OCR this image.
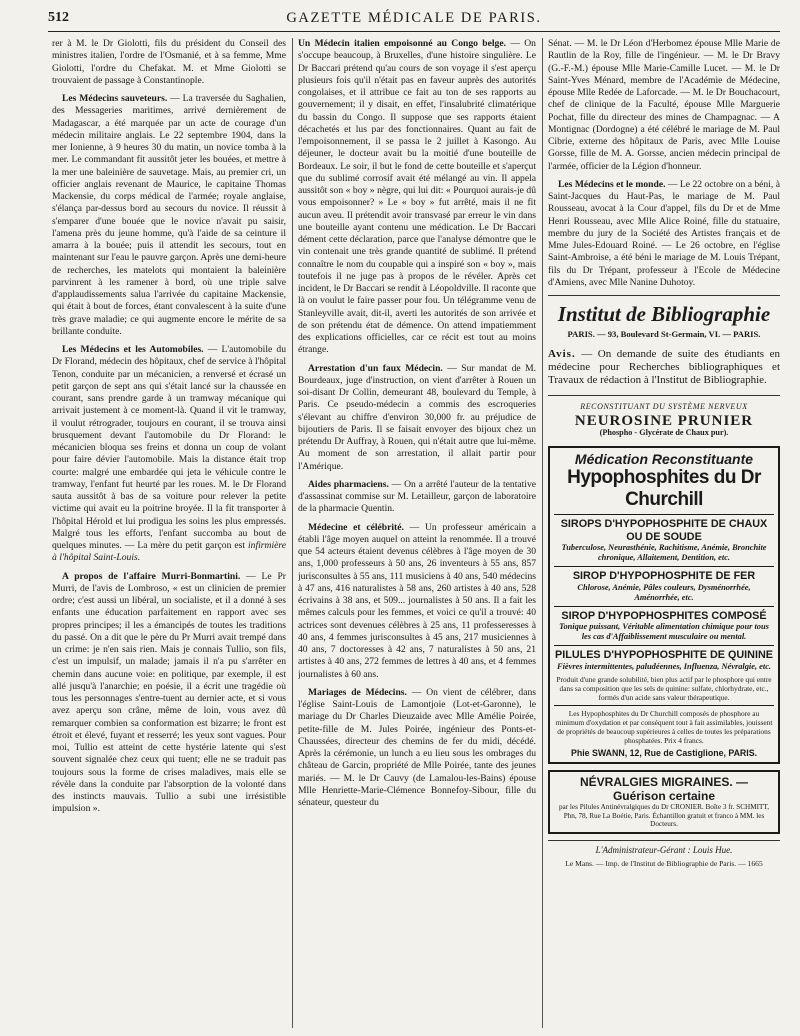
512	GAZETTE MÉDICALE DE PARIS.

rer à M. le Dr Giolotti, fils du président du Conseil des ministres italien, l'ordre de l'Osmanié, et à sa femme, Mme Giolotti, l'ordre du Chefakat. M. et Mme Giolotti se trouvaient de passage à Constantinople.

Les Médecins sauveteurs. — La traversée du Saghalien, des Messageries maritimes, arrivé dernièrement de Madagascar, a été marquée par un acte de courage d'un médecin militaire anglais. Le 22 septembre 1904, dans la mer Ionienne, à 9 heures 30 du matin, un novice tomba à la mer. Le commandant fit aussitôt jeter les bouées, et mettre à la mer une baleinière de sauvetage. Mais, au premier cri, un officier anglais revenant de Maurice, le capitaine Thomas Mackensie, du corps médical de l'armée; royale anglaise, s'élança par-dessus bord au secours du novice. Il réussit à s'emparer d'une bouée que le novice n'avait pu saisir, l'amena près du jeune homme, qu'à l'aide de sa ceinture il amarra à la bouée; puis il attendit les secours, tout en maintenant sur l'eau le pauvre garçon. Après une demi-heure de recherches, les matelots qui montaient la baleinière parvinrent à les ramener à bord, où une triple salve d'applaudissements salua l'arrivée du capitaine Mackensie, qui était à bout de forces, étant convalescent à la suite d'une très grave maladie; ce qui augmente encore le mérite de sa brillante conduite.

Les Médecins et les Automobiles. — L'automobile du Dr Florand, médecin des hôpitaux, chef de service à l'hôpital Tenon, conduite par un mécanicien, a renversé et écrasé un petit garçon de sept ans qui s'était lancé sur la chaussée en courant, sans prendre garde à un tramway mécanique qui arrivait justement à ce moment-là. Quand il vit le tramway, il voulut rétrograder, toujours en courant, il se trouva ainsi brusquement devant l'automobile du Dr Florand: le mécanicien bloqua ses freins et donna un coup de volant pour faire dévier l'automobile. Mais la distance était trop courte: malgré une embardée qui jeta le véhicule contre le tramway, l'enfant fut heurté par les roues. M. le Dr Florand sauta aussitôt à bas de sa voiture pour relever la petite victime qui avait eu la poitrine broyée. Il la fit transporter à l'hôpital Hérold et lui prodigua les soins les plus empressés. Malgré tous les efforts, l'enfant succomba au bout de quelques minutes. — La mère du petit garçon est infirmière à l'hôpital Saint-Louis.

A propos de l'affaire Murri-Bonmartini. — Le Pr Murri, de l'avis de Lombroso, « est un clinicien de premier ordre; c'est aussi un libéral, un socialiste, et il a donné à ses enfants une éducation parfaitement en rapport avec ses propres principes; il les a émancipés de toutes les traditions du passé. On a dit que le père du Pr Murri avait trempé dans un crime: je n'en sais rien. Mais je connais Tullio, son fils, c'est un impulsif, un malade; jamais il n'a pu s'arrêter en chemin dans aucune voie: en politique, par exemple, il est allé jusqu'à l'anarchie; en poésie, il a écrit une tragédie où tous les personnages s'entre-tuent au dernier acte, et si vous avez aperçu son crâne, même de loin, vous avez dû remarquer combien sa conformation est bizarre; le front est étroit et élevé, fuyant et resserré; les yeux sont vagues. Pour moi, Tullio est atteint de cette hystérie latente qui s'est souvent signalée chez ceux qui tuent; elle ne se traduit pas toujours sous la forme de crises maladives, mais elle se révèle dans la conduite par l'absorption de la volonté dans des instincts mauvais. Tullio a subi une irrésistible impulsion ».

Un Médecin italien empoisonné au Congo belge. — On s'occupe beaucoup, à Bruxelles, d'une histoire singulière. Le Dr Baccari prétend qu'au cours de son voyage il s'est aperçu plusieurs fois qu'il n'était pas en faveur auprès des autorités congolaises, et il attribue ce fait au ton de ses rapports au gouvernement; il y disait, en effet, l'insalubrité climatérique du bassin du Congo. Il suppose que ses rapports étaient décachetés et lus par des fonctionnaires. Quant au fait de l'empoisonnement, il se passa le 2 juillet à Kasongo. Au déjeuner, le docteur avait bu la moitié d'une bouteille de Bordeaux. Le soir, il but le fond de cette bouteille et s'aperçut que du sublimé corrosif avait été mélangé au vin. Il appela aussitôt son « boy » nègre, qui lui dit: « Pourquoi aurais-je dû vous empoisonner? » Le « boy » fut arrêté, mais il ne fit aucun aveu. Il prétendit avoir transvasé par erreur le vin dans une bouteille ayant contenu une médication. Le Dr Baccari dément cette déclaration, parce que l'analyse démontre que le vin contenait une très grande quantité de sublimé. Il prétend connaître le nom du coupable qui a inspiré son « boy », mais toutefois il ne juge pas à propos de le révéler. Après cet incident, le Dr Baccari se rendit à Léopoldville. Il raconte que là on voulut le faire passer pour fou. Un télégramme venu de Stanleyville avait, dit-il, averti les autorités de son arrivée et de son prétendu état de démence. On attend impatiemment des explications officielles, car ce récit est tout au moins étrange.

Arrestation d'un faux Médecin. — Sur mandat de M. Bourdeaux, juge d'instruction, on vient d'arrêter à Rouen un soi-disant Dr Collin, demeurant 48, boulevard du Temple, à Paris. Ce pseudo-médecin a commis des escroqueries s'élevant au chiffre d'environ 30,000 fr. au préjudice de bijoutiers de Paris. Il se faisait envoyer des bijoux chez un prétendu Dr Auffray, à Rouen, qui n'était autre que lui-même. Au moment de son arrestation, il allait partir pour l'Amérique.

Aides pharmaciens. — On a arrêté l'auteur de la tentative d'assassinat commise sur M. Letailleur, garçon de laboratoire de la pharmacie Quentin.

Médecine et célébrité. — Un professeur américain a établi l'âge moyen auquel on atteint la renommée. Il a trouvé que 54 acteurs étaient devenus célèbres à l'âge moyen de 30 ans, 1,000 professeurs à 50 ans, 26 inventeurs à 55 ans, 857 jurisconsultes à 55 ans, 111 musiciens à 40 ans, 540 médecins à 47 ans, 416 naturalistes à 58 ans, 260 artistes à 40 ans, 528 écrivains à 38 ans, et 509... journalistes à 50 ans. Il a fait les mêmes calculs pour les femmes, et voici ce qu'il a trouvé: 40 actrices sont devenues célèbres à 25 ans, 11 professeresses à 40 ans, 4 femmes jurisconsultes à 45 ans, 217 musiciennes à 40 ans, 7 doctoresses à 42 ans, 7 naturalistes à 50 ans, 21 artistes à 40 ans, 272 femmes de lettres à 40 ans, et 4 femmes journalistes à 60 ans.

Mariages de Médecins. — On vient de célébrer, dans l'église Saint-Louis de Lamontjoie (Lot-et-Garonne), le mariage du Dr Charles Dieuzaide avec Mlle Amélie Poirée, petite-fille de M. Jules Poirée, ingénieur des Ponts-et-Chaussées, directeur des chemins de fer du midi, décédé. Après la cérémonie, un lunch a eu lieu sous les ombrages du château de Garcin, propriété de Mlle Poirée, tante des jeunes mariés. — M. le Dr Cauvy (de Lamalou-les-Bains) épouse Mlle Henriette-Marie-Clémence Bonnefoy-Sibour, fille du sénateur, questeur du

Sénat. — M. le Dr Léon d'Herbomez épouse Mlle Marie de Rautlin de la Roy, fille de l'ingénieur. — M. le Dr Bravy (G.-F.-M.) épouse Mlle Marie-Camille Lucet. — M. le Dr Saint-Yves Ménard, membre de l'Académie de Médecine, épouse Mlle Redée de Laforcade. — M. le Dr Bouchacourt, chef de clinique de la Faculté, épouse Mlle Marguerie Pochat, fille du directeur des mines de Champagnac. — A Montignac (Dordogne) a été célébré le mariage de M. Paul Cibrie, externe des hôpitaux de Paris, avec Mlle Louise Gorsse, fille de M. A. Gorsse, ancien médecin principal de l'armée, officier de la Légion d'honneur.

Les Médecins et le monde. — Le 22 octobre on a béni, à Saint-Jacques du Haut-Pas, le mariage de M. Paul Rousseau, avocat à la Cour d'appel, fils du Dr et de Mme Henri Rousseau, avec Mlle Alice Roiné, fille du statuaire, membre du jury de la Société des Artistes français et de Mme Jules-Edouard Roiné. — Le 26 octobre, en l'église Saint-Ambroise, a été béni le mariage de M. Louis Trépant, fils du Dr Trépant, professeur à l'Ecole de Médecine d'Amiens, avec Mlle Nanine Duhotoy.

Institut de Bibliographie
PARIS. — 93, Boulevard St-Germain, VI. — PARIS.
Avis. — On demande de suite des étudiants en médecine pour Recherches bibliographiques et Travaux de rédaction à l'Institut de Bibliographie.
RECONSTITUANT DU SYSTÈME NERVEUX
NEUROSINE PRUNIER
(Phospho - Glycérate de Chaux pur).
Médication Reconstituante
Hypophosphites du Dr Churchill
SIROPS D'HYPOPHOSPHITE DE CHAUX OU DE SOUDE
Tuberculose, Neurasthénie, Rachitisme, Anémie, Bronchite chronique, Allaitement, Dentition, etc.
SIROP D'HYPOPHOSPHITE DE FER
Chlorose, Anémie, Pâles couleurs, Dysménorrhée, Aménorrhée, etc.
SIROP D'HYPOPHOSPHITES COMPOSÉ
Tonique puissant, Véritable alimentation chimique pour tous les cas d'Affaiblissement musculaire ou mental.
PILULES D'HYPOPHOSPHITE DE QUININE
Fièvres intermittentes, paludéennes, Influenza, Névralgie, etc.
Produit d'une grande solubilité, bien plus actif par le phosphore qui entre dans sa composition que les sels de quinine: sulfate, chlorhydrate, etc., formés d'un acide sans valeur thérapeutique.
Les Hypophosphites du Dr Churchill composés de phosphore au minimum d'oxydation et par conséquent tout à fait assimilables, jouissent de propriétés de beaucoup supérieures à celles de toutes les préparations phosphatées. Prix 4 francs.
Phie SWANN, 12, Rue de Castiglione, PARIS.
NÉVRALGIES MIGRAINES. — Guérison certaine
par les Pilules Antinévralgiques du Dr CRONIER. Boîte 3 fr. SCHMITT, Phn, 78, Rue La Boétie, Paris. Échantillon gratuit et franco à MM. les Docteurs.
L'Administrateur-Gérant : Louis Hue.
Le Mans. — Imp. de l'Institut de Bibliographie de Paris. — 1665
